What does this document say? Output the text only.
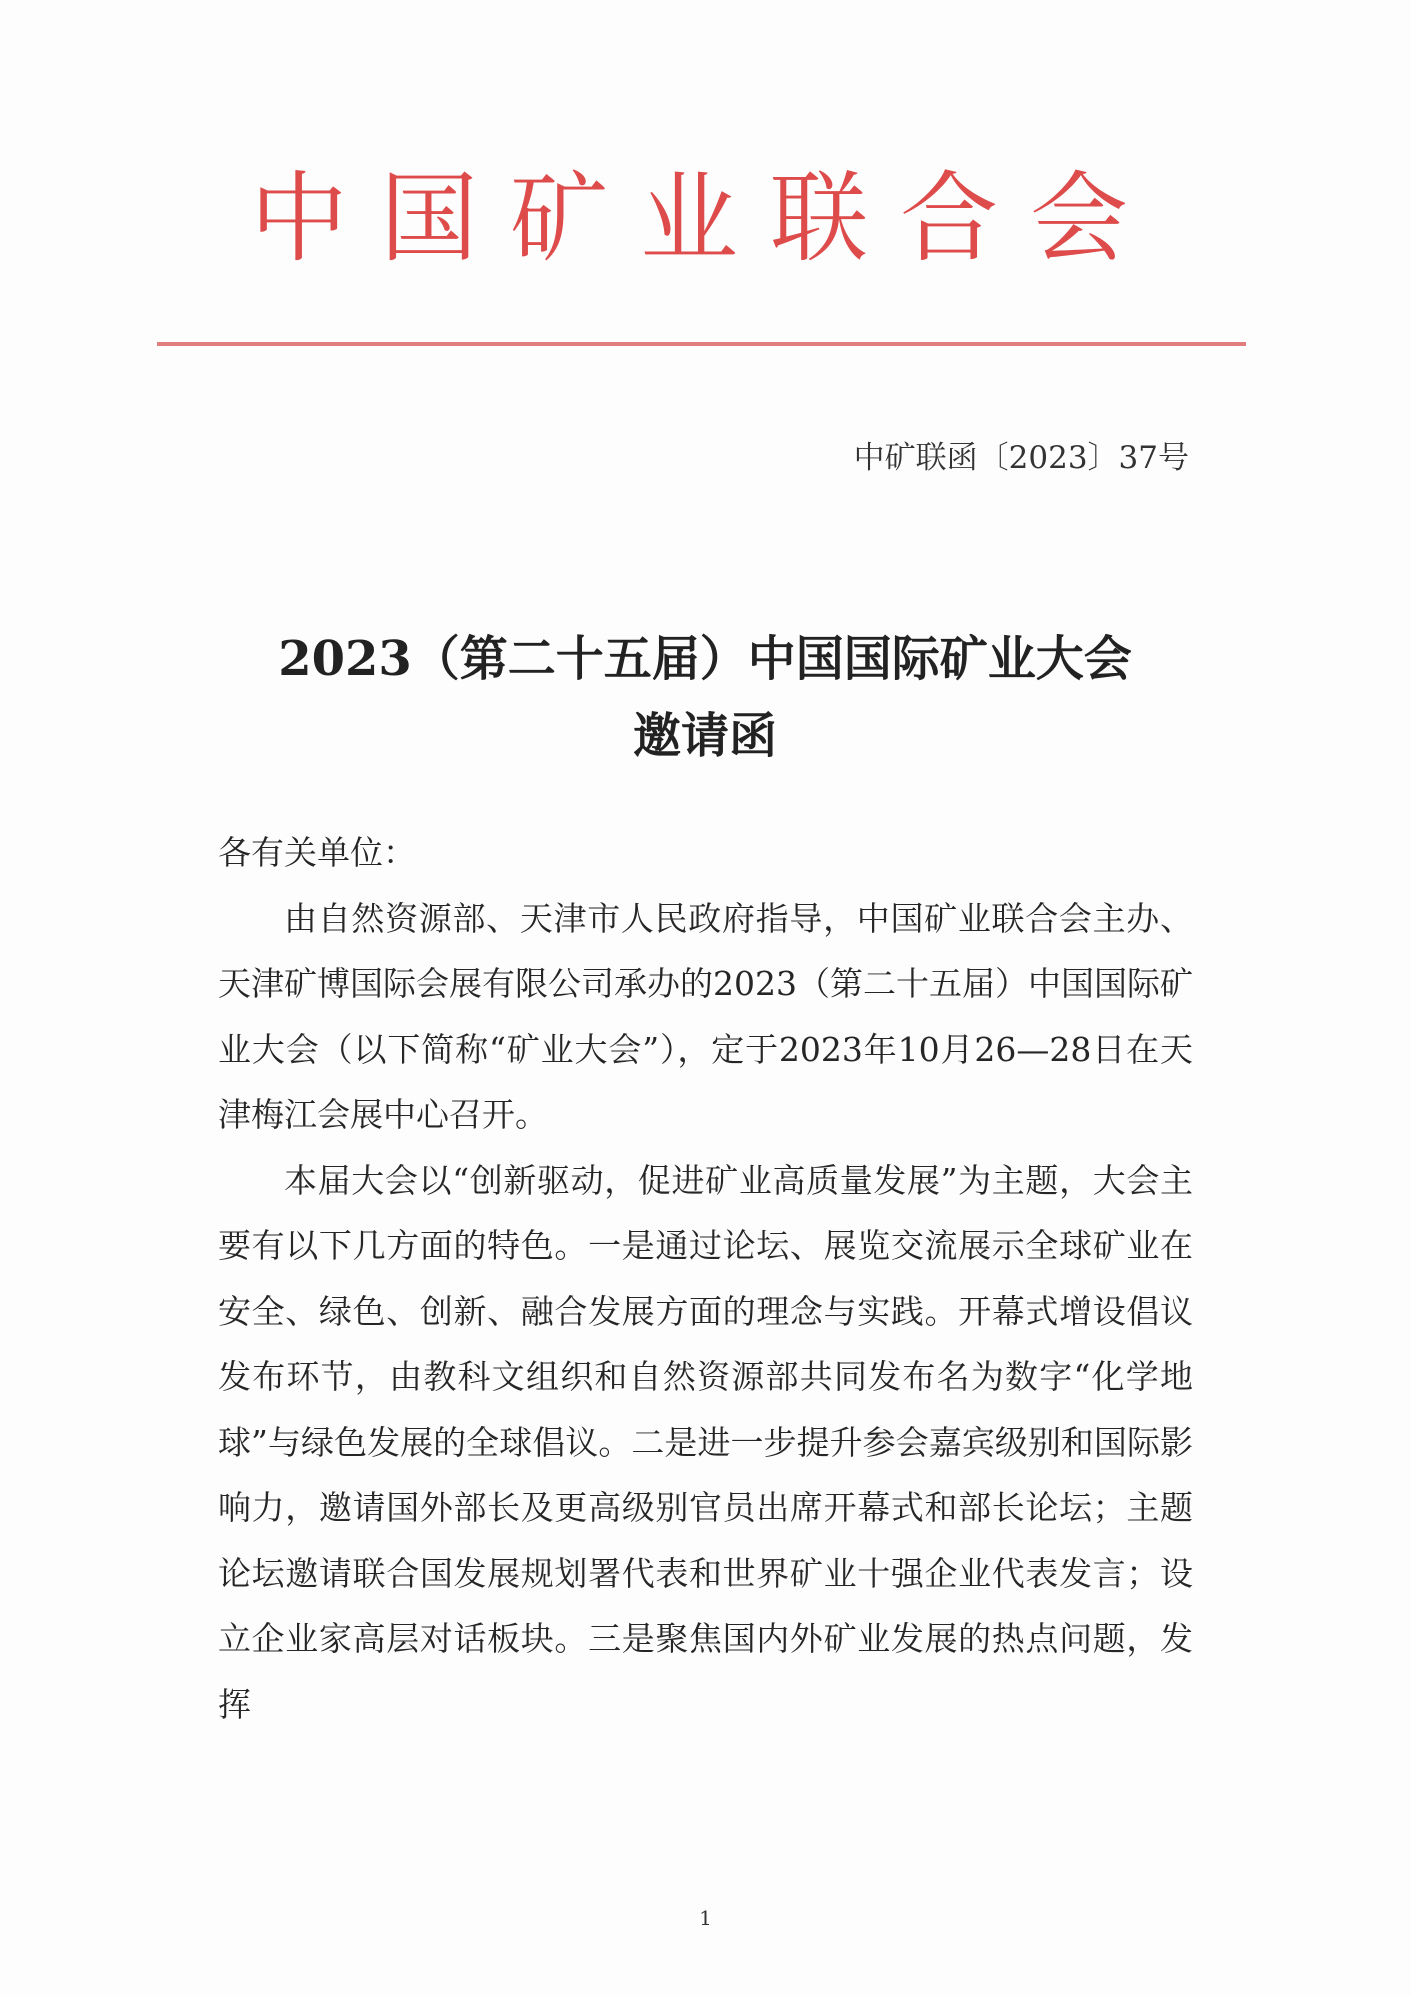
中国矿业联合会
中矿联函〔2023〕37号
2023（第二十五届）中国国际矿业大会
邀请函

各有关单位：

由自然资源部、天津市人民政府指导，中国矿业联合会主办、天津矿博国际会展有限公司承办的2023（第二十五届）中国国际矿业大会（以下简称“矿业大会”），定于2023年10月26—28日在天津梅江会展中心召开。

本届大会以“创新驱动，促进矿业高质量发展”为主题，大会主要有以下几方面的特色。一是通过论坛、展览交流展示全球矿业在安全、绿色、创新、融合发展方面的理念与实践。开幕式增设倡议发布环节，由教科文组织和自然资源部共同发布名为数字“化学地球”与绿色发展的全球倡议。二是进一步提升参会嘉宾级别和国际影响力，邀请国外部长及更高级别官员出席开幕式和部长论坛；主题论坛邀请联合国发展规划署代表和世界矿业十强企业代表发言；设立企业家高层对话板块。三是聚焦国内外矿业发展的热点问题，发挥

1
